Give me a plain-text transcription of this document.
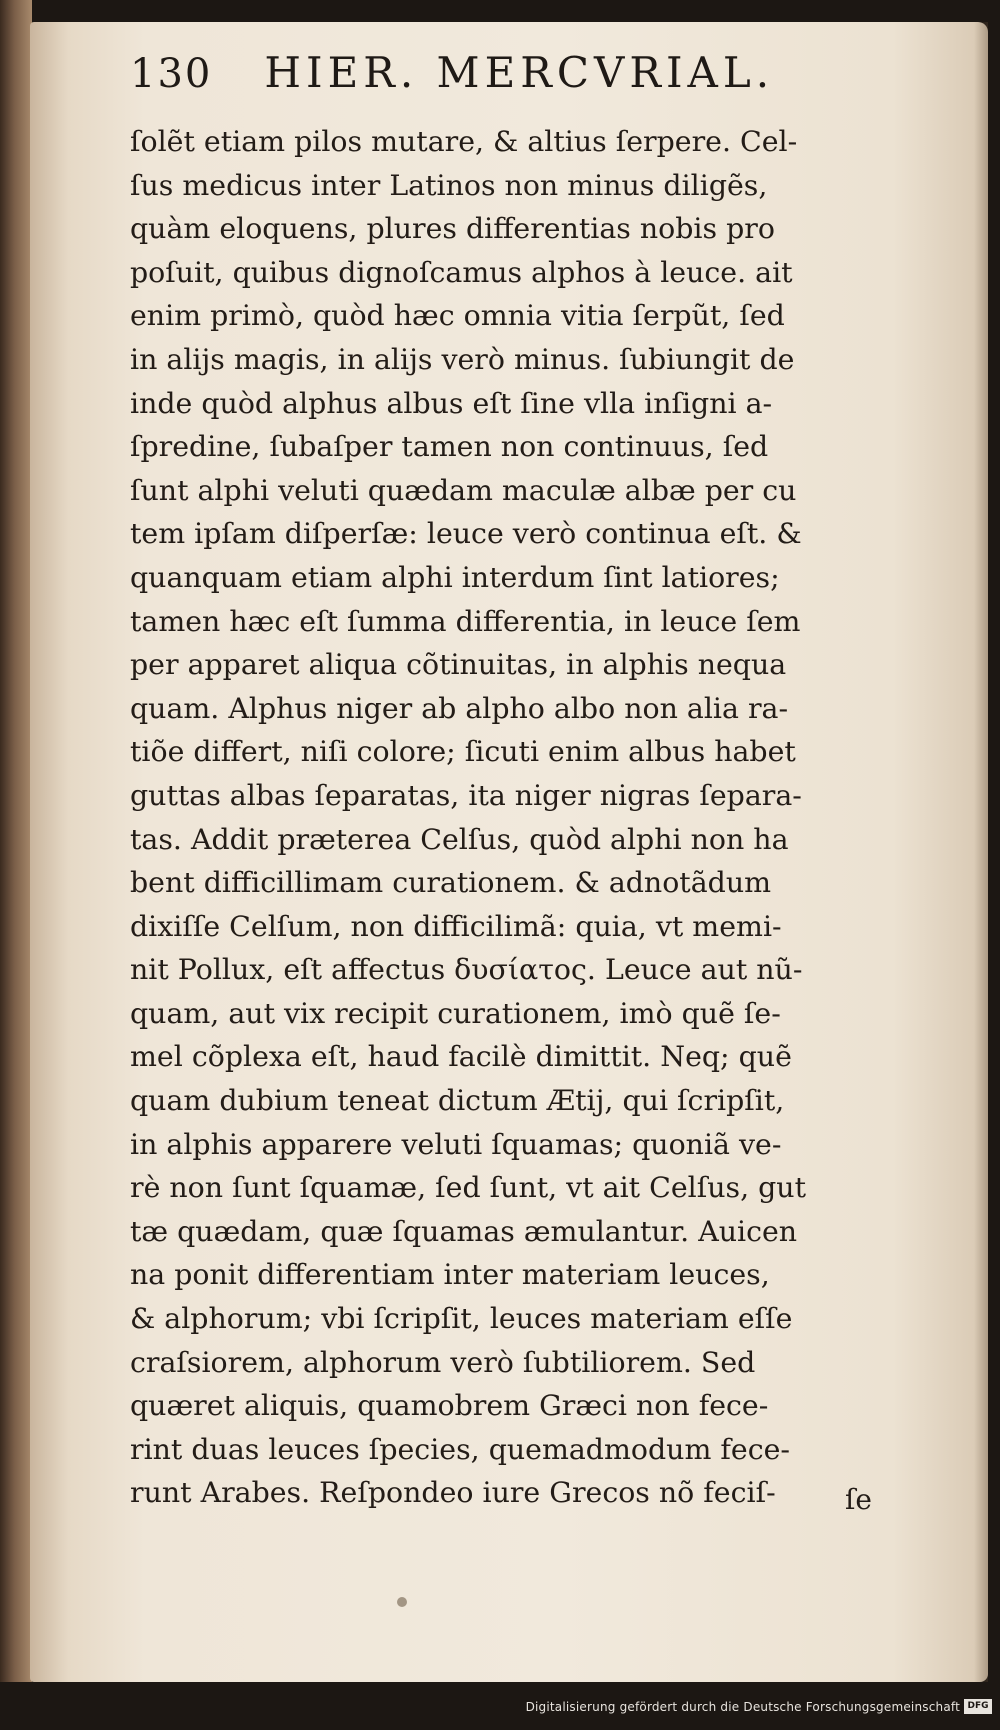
130 HIER. MERCVRIAL.
ſolẽt etiam pilos mutare, & altius ſerpere. Cel-
ſus medicus inter Latinos non minus diligẽs,
quàm eloquens, plures differentias nobis pro
poſuit, quibus dignoſcamus alphos à leuce. ait
enim primò, quòd hæc omnia vitia ſerpũt, ſed
in alijs magis, in alijs verò minus. ſubiungit de
inde quòd alphus albus eſt ſine vlla inſigni a-
ſpredine, ſubaſper tamen non continuus, ſed
ſunt alphi veluti quædam maculæ albæ per cu
tem ipſam diſperſæ: leuce verò continua eſt. &
quanquam etiam alphi interdum ſint latiores;
tamen hæc eſt ſumma differentia, in leuce ſem
per apparet aliqua cõtinuitas, in alphis nequa
quam. Alphus niger ab alpho albo non alia ra-
tiõe differt, niſi colore; ſicuti enim albus habet
guttas albas ſeparatas, ita niger nigras ſepara-
tas. Addit præterea Celſus, quòd alphi non ha
bent difficillimam curationem. & adnotãdum
dixiſſe Celſum, non difficilimã: quia, vt memi-
nit Pollux, eſt affectus δυσίατος. Leuce aut nũ-
quam, aut vix recipit curationem, imò quẽ ſe-
mel cõplexa eſt, haud facilè dimittit. Neq; quẽ
quam dubium teneat dictum Ætij, qui ſcripſit,
in alphis apparere veluti ſquamas; quoniã ve-
rè non ſunt ſquamæ, ſed ſunt, vt ait Celſus, gut
tæ quædam, quæ ſquamas æmulantur. Auicen
na ponit differentiam inter materiam leuces,
& alphorum; vbi ſcripſit, leuces materiam eſſe
craſsiorem, alphorum verò ſubtiliorem. Sed
quæret aliquis, quamobrem Græci non fece-
rint duas leuces ſpecies, quemadmodum fece-
runt Arabes. Reſpondeo iure Grecos nõ feciſ-	ſe
Digitalisierung gefördert durch die Deutsche Forschungsgemeinschaft DFG
